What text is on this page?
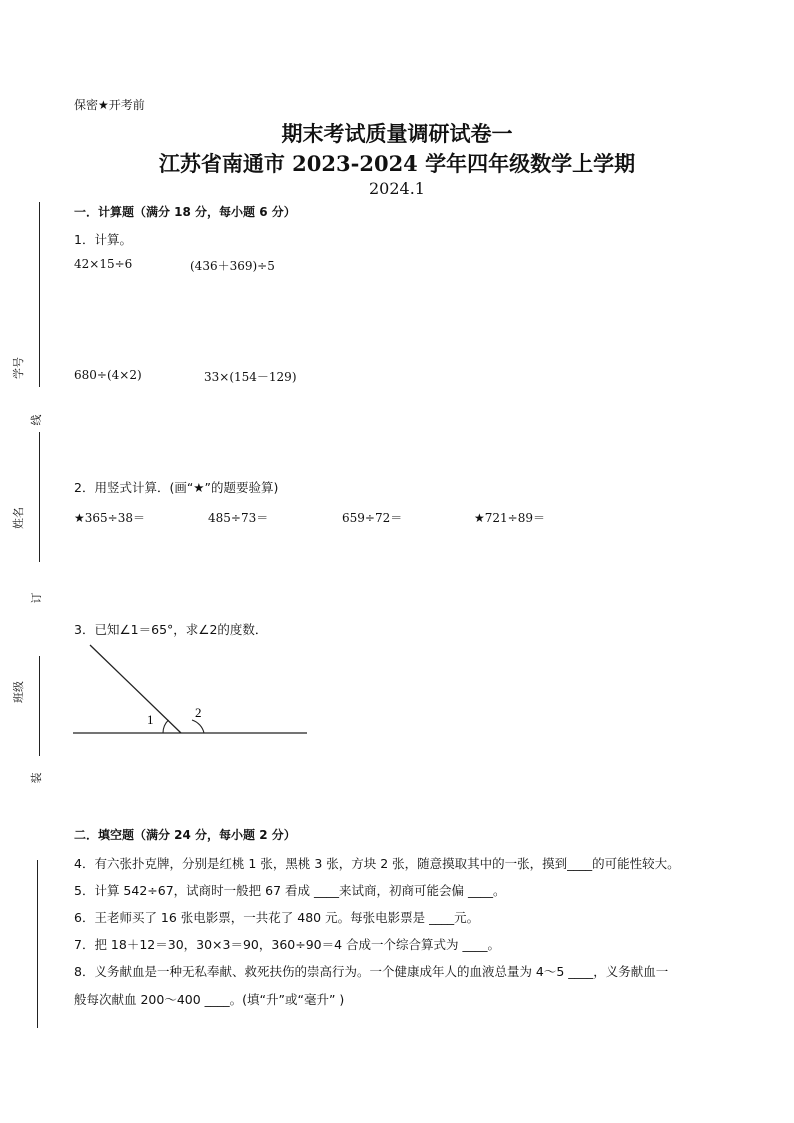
学号
线
姓名
订
班级
装
保密★开考前
期末考试质量调研试卷一
江苏省南通市 2023-2024 学年四年级数学上学期
2024.1
一．计算题（满分 18 分，每小题 6 分）
1．计算。
42×15÷6	(436＋369)÷5
680÷(4×2)	33×(154－129)
2．用竖式计算．(画“★”的题要验算)
★365÷38＝	485÷73＝	659÷72＝	★721÷89＝
3．已知∠1＝65°，求∠2的度数．
1	2
二．填空题（满分 24 分，每小题 2 分）
4．有六张扑克牌，分别是红桃 1 张，黑桃 3 张，方块 2 张，随意摸取其中的一张，摸到____的可能性较大。
5．计算 542÷67，试商时一般把 67 看成 ____来试商，初商可能会偏 ____。
6．王老师买了 16 张电影票，一共花了 480 元。每张电影票是 ____元。
7．把 18＋12＝30，30×3＝90，360÷90＝4 合成一个综合算式为 ____。
8．义务献血是一种无私奉献、救死扶伤的崇高行为。一个健康成年人的血液总量为 4～5 ____，义务献血一
般每次献血 200～400 ____。(填“升”或“毫升” )
